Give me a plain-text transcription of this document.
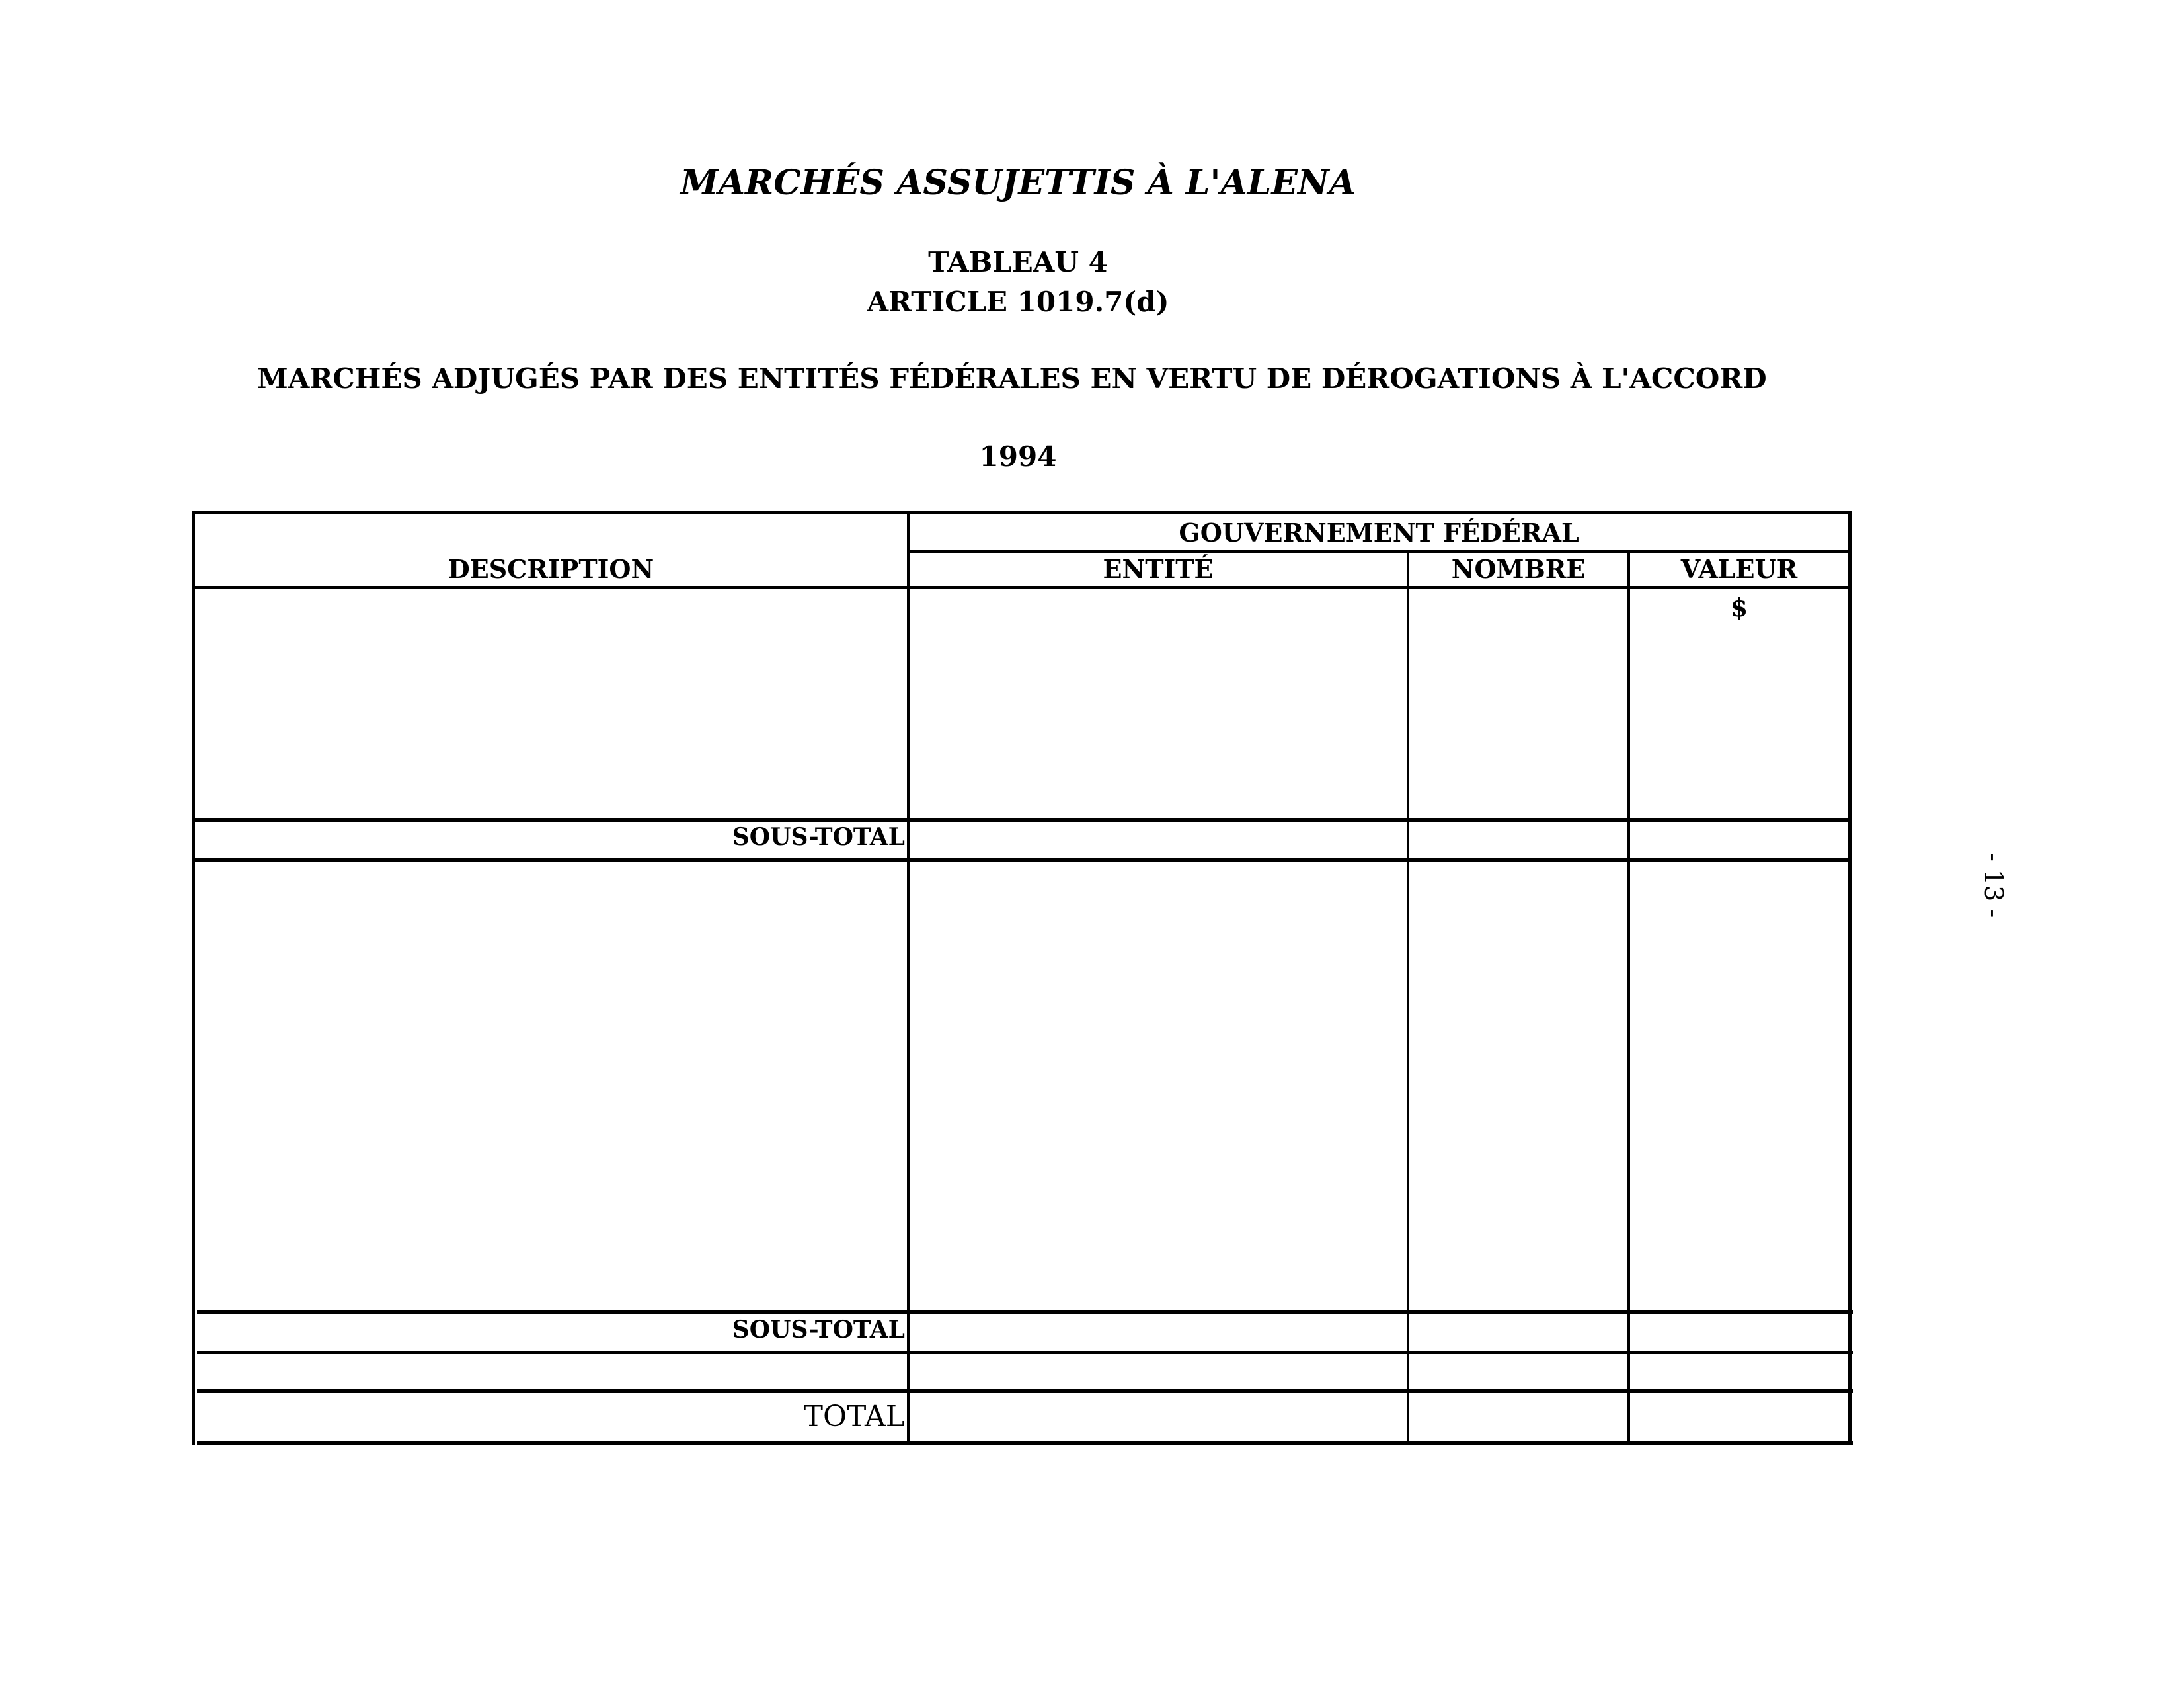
MARCHÉS ASSUJETTIS À L'ALENA
TABLEAU 4
ARTICLE 1019.7(d)
MARCHÉS ADJUGÉS PAR DES ENTITÉS FÉDÉRALES EN VERTU DE DÉROGATIONS À L'ACCORD
1994
GOUVERNEMENT FÉDÉRAL
DESCRIPTION	ENTITÉ	NOMBRE	VALEUR
$
SOUS-TOTAL
SOUS-TOTAL
TOTAL
- 13 -
